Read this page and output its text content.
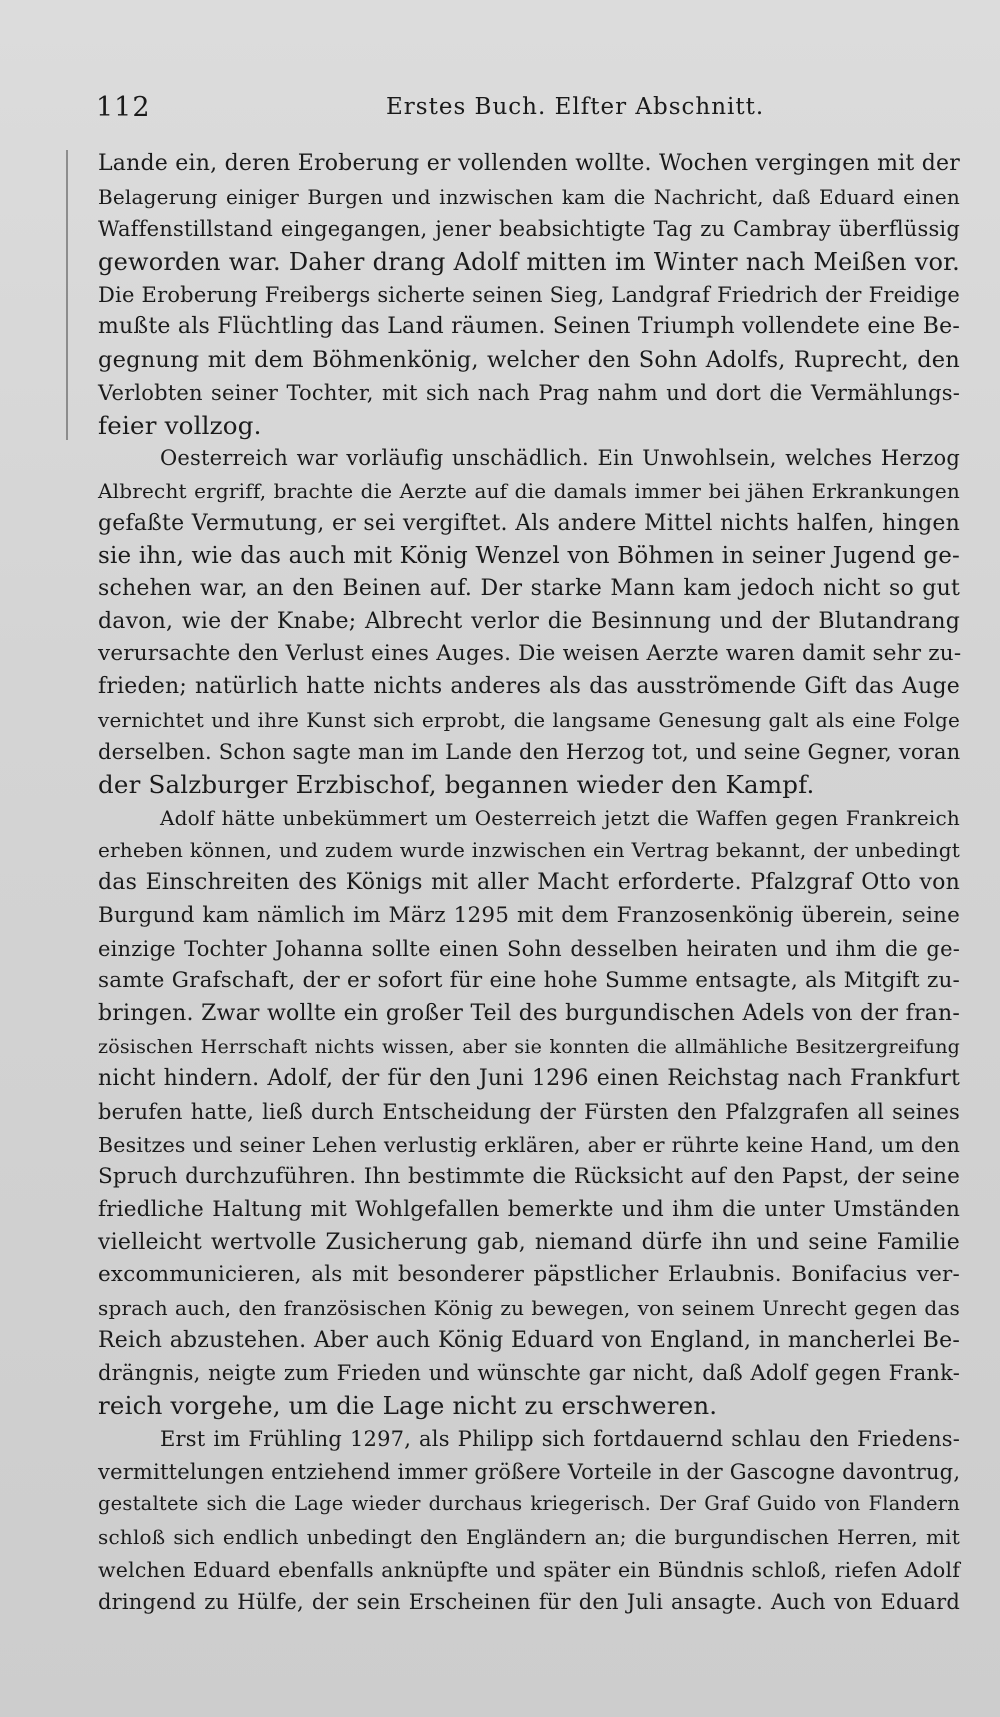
112	Erstes Buch. Elfter Abschnitt.
Lande ein, deren Eroberung er vollenden wollte. Wochen vergingen mit der
Belagerung einiger Burgen und inzwischen kam die Nachricht, daß Eduard einen
Waffenstillstand eingegangen, jener beabsichtigte Tag zu Cambray überflüssig
geworden war. Daher drang Adolf mitten im Winter nach Meißen vor.
Die Eroberung Freibergs sicherte seinen Sieg, Landgraf Friedrich der Freidige
mußte als Flüchtling das Land räumen. Seinen Triumph vollendete eine Be-
gegnung mit dem Böhmenkönig, welcher den Sohn Adolfs, Ruprecht, den
Verlobten seiner Tochter, mit sich nach Prag nahm und dort die Vermählungs-
feier vollzog.
Oesterreich war vorläufig unschädlich. Ein Unwohlsein, welches Herzog
Albrecht ergriff, brachte die Aerzte auf die damals immer bei jähen Erkrankungen
gefaßte Vermutung, er sei vergiftet. Als andere Mittel nichts halfen, hingen
sie ihn, wie das auch mit König Wenzel von Böhmen in seiner Jugend ge-
schehen war, an den Beinen auf. Der starke Mann kam jedoch nicht so gut
davon, wie der Knabe; Albrecht verlor die Besinnung und der Blutandrang
verursachte den Verlust eines Auges. Die weisen Aerzte waren damit sehr zu-
frieden; natürlich hatte nichts anderes als das ausströmende Gift das Auge
vernichtet und ihre Kunst sich erprobt, die langsame Genesung galt als eine Folge
derselben. Schon sagte man im Lande den Herzog tot, und seine Gegner, voran
der Salzburger Erzbischof, begannen wieder den Kampf.
Adolf hätte unbekümmert um Oesterreich jetzt die Waffen gegen Frankreich
erheben können, und zudem wurde inzwischen ein Vertrag bekannt, der unbedingt
das Einschreiten des Königs mit aller Macht erforderte. Pfalzgraf Otto von
Burgund kam nämlich im März 1295 mit dem Franzosenkönig überein, seine
einzige Tochter Johanna sollte einen Sohn desselben heiraten und ihm die ge-
samte Grafschaft, der er sofort für eine hohe Summe entsagte, als Mitgift zu-
bringen. Zwar wollte ein großer Teil des burgundischen Adels von der fran-
zösischen Herrschaft nichts wissen, aber sie konnten die allmähliche Besitzergreifung
nicht hindern. Adolf, der für den Juni 1296 einen Reichstag nach Frankfurt
berufen hatte, ließ durch Entscheidung der Fürsten den Pfalzgrafen all seines
Besitzes und seiner Lehen verlustig erklären, aber er rührte keine Hand, um den
Spruch durchzuführen. Ihn bestimmte die Rücksicht auf den Papst, der seine
friedliche Haltung mit Wohlgefallen bemerkte und ihm die unter Umständen
vielleicht wertvolle Zusicherung gab, niemand dürfe ihn und seine Familie
excommunicieren, als mit besonderer päpstlicher Erlaubnis. Bonifacius ver-
sprach auch, den französischen König zu bewegen, von seinem Unrecht gegen das
Reich abzustehen. Aber auch König Eduard von England, in mancherlei Be-
drängnis, neigte zum Frieden und wünschte gar nicht, daß Adolf gegen Frank-
reich vorgehe, um die Lage nicht zu erschweren.
Erst im Frühling 1297, als Philipp sich fortdauernd schlau den Friedens-
vermittelungen entziehend immer größere Vorteile in der Gascogne davontrug,
gestaltete sich die Lage wieder durchaus kriegerisch. Der Graf Guido von Flandern
schloß sich endlich unbedingt den Engländern an; die burgundischen Herren, mit
welchen Eduard ebenfalls anknüpfte und später ein Bündnis schloß, riefen Adolf
dringend zu Hülfe, der sein Erscheinen für den Juli ansagte. Auch von Eduard
